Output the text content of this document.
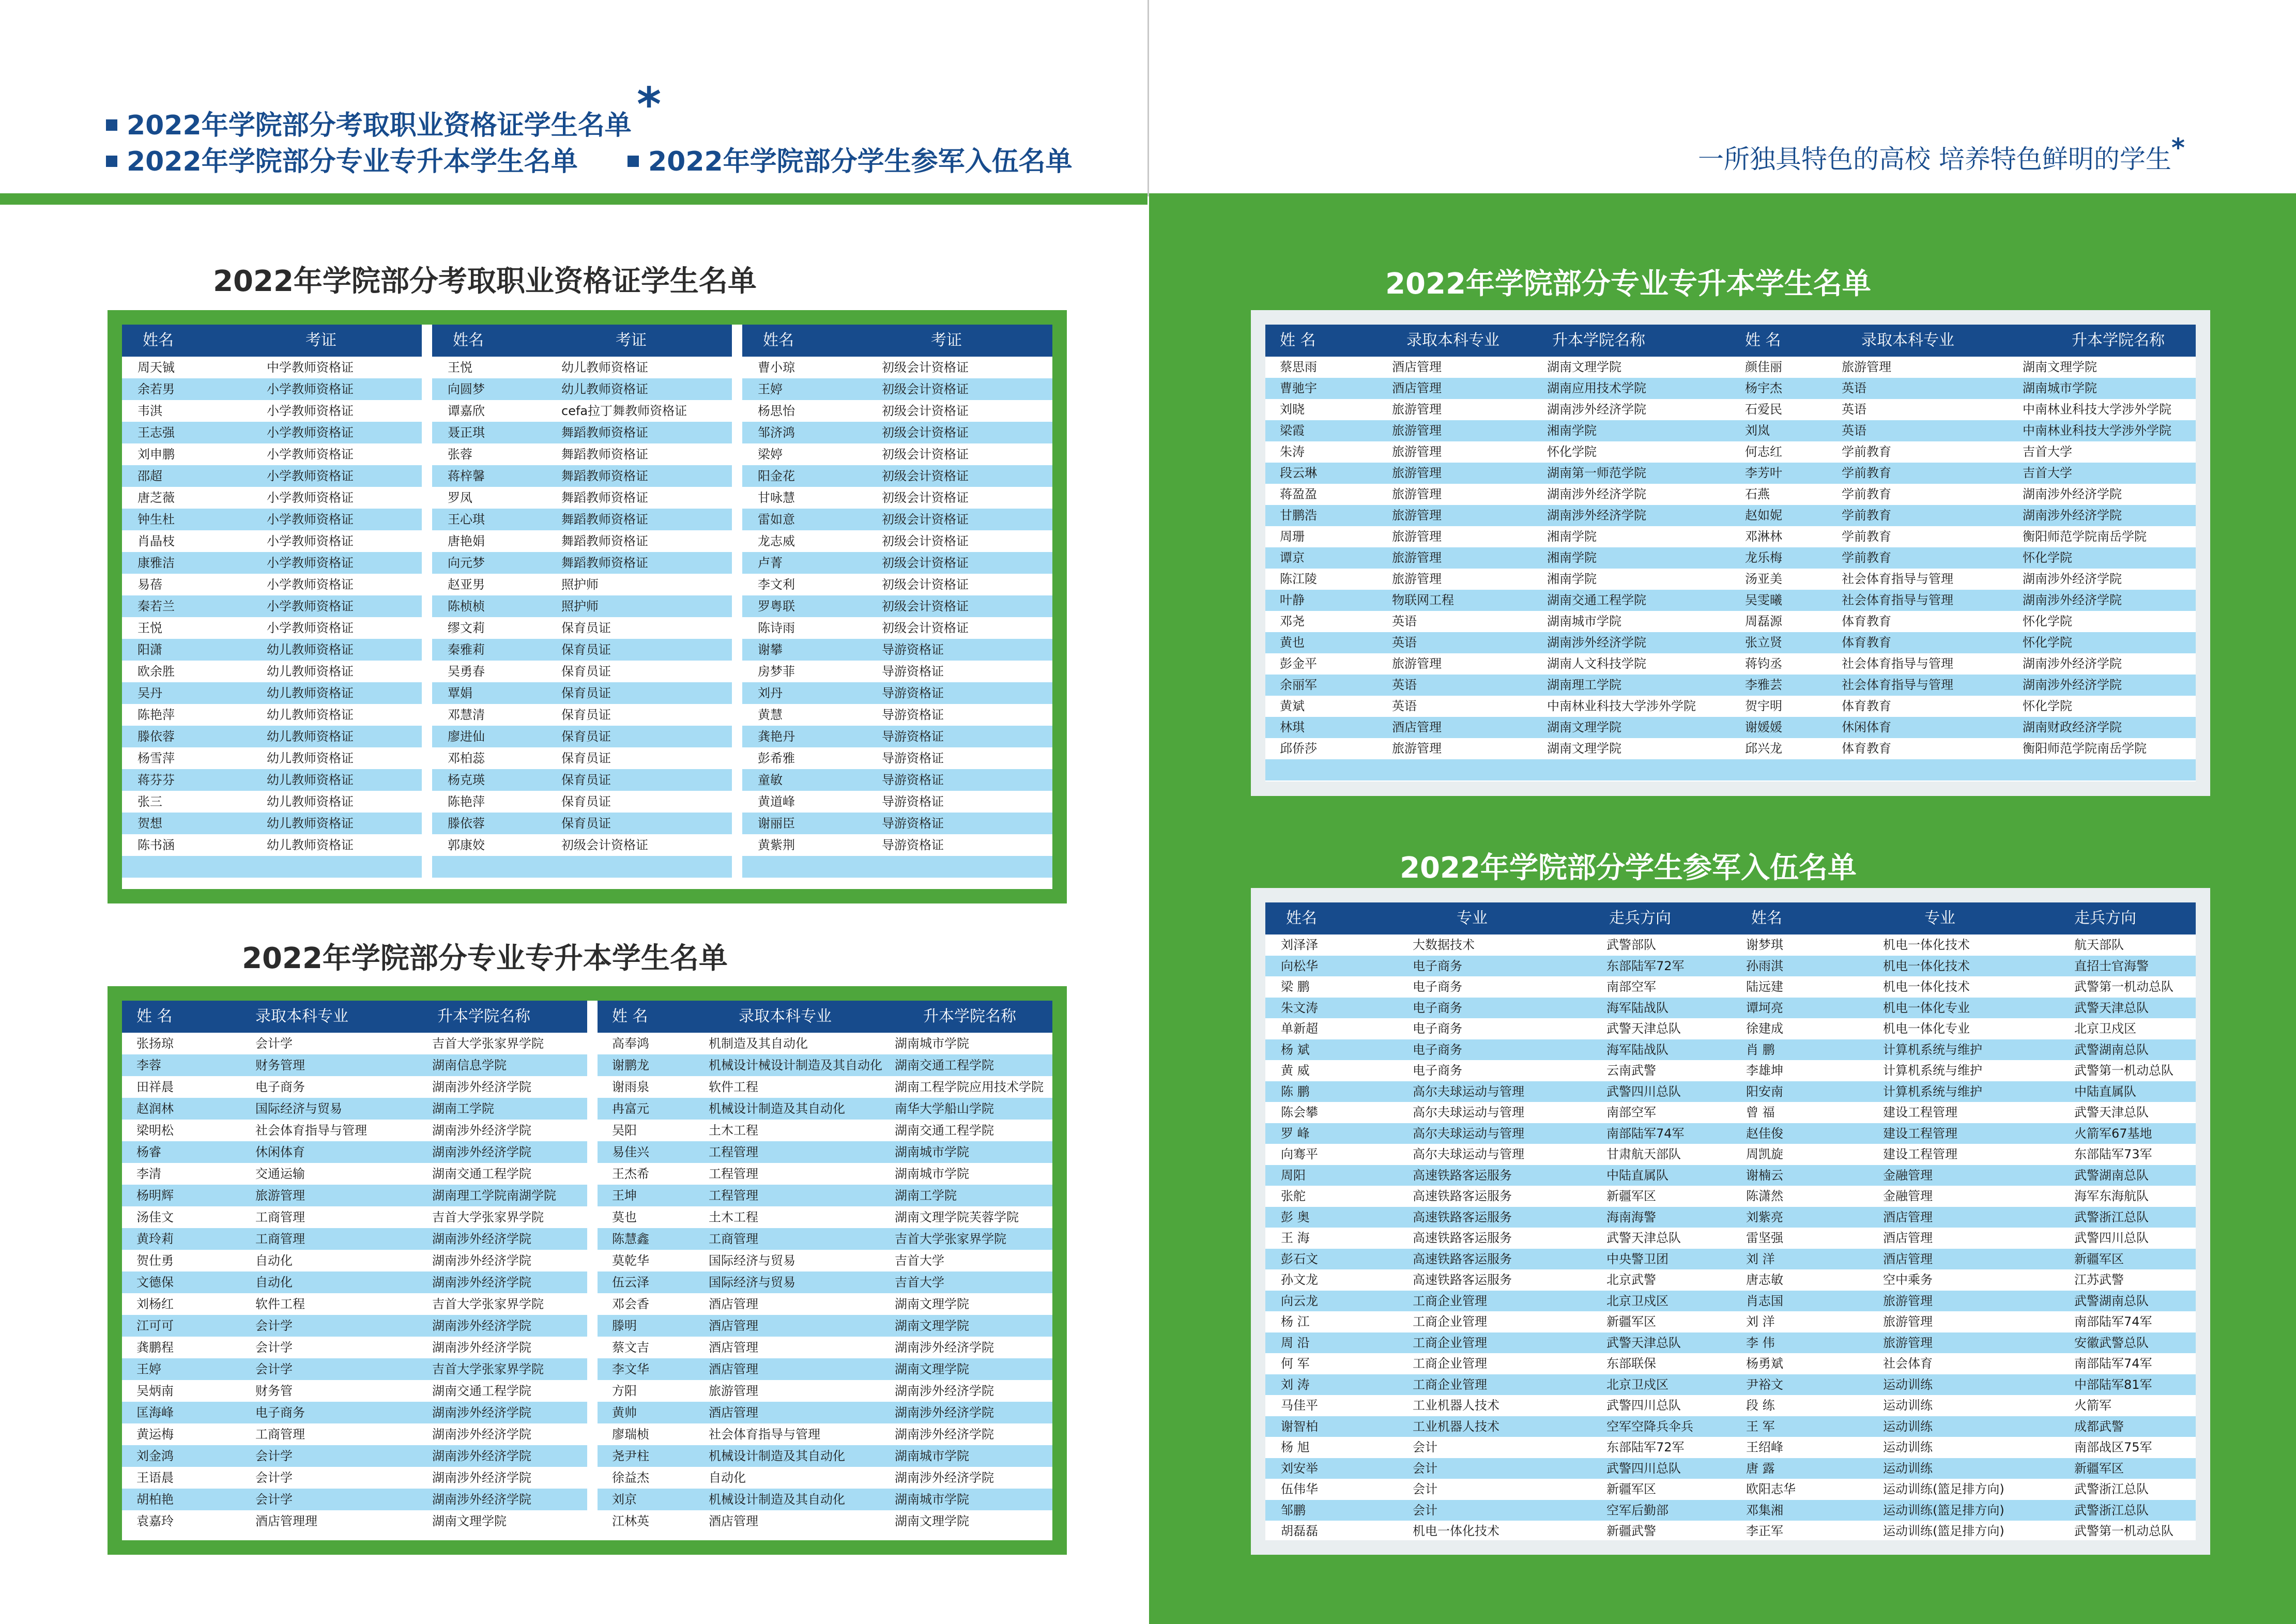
2022年学院部分考取职业资格证学生名单 *
2022年学院部分专业专升本学生名单	2022年学院部分学生参军入伍名单	一所独具特色的高校 培养特色鲜明的学生*
2022年学院部分考取职业资格证学生名单
2022年学院部分专业专升本学生名单
2022年学院部分专业专升本学生名单
2022年学院部分学生参军入伍名单
姓名	考证
周天铖	中学教师资格证
余若男	小学教师资格证
韦淇	小学教师资格证
王志强	小学教师资格证
刘申鹏	小学教师资格证
邵超	小学教师资格证
唐芝薇	小学教师资格证
钟生杜	小学教师资格证
肖晶枝	小学教师资格证
康雅洁	小学教师资格证
易蓓	小学教师资格证
秦若兰	小学教师资格证
王悦	小学教师资格证
阳潇	幼儿教师资格证
欧余胜	幼儿教师资格证
吴丹	幼儿教师资格证
陈艳萍	幼儿教师资格证
滕依蓉	幼儿教师资格证
杨雪萍	幼儿教师资格证
蒋芬芬	幼儿教师资格证
张三	幼儿教师资格证
贺想	幼儿教师资格证
陈书涵	幼儿教师资格证
姓名	考证
王悦	幼儿教师资格证
向圆梦	幼儿教师资格证
谭嘉欣	cefa拉丁舞教师资格证
聂正琪	舞蹈教师资格证
张蓉	舞蹈教师资格证
蒋梓馨	舞蹈教师资格证
罗凤	舞蹈教师资格证
王心琪	舞蹈教师资格证
唐艳娟	舞蹈教师资格证
向元梦	舞蹈教师资格证
赵亚男	照护师
陈桢桢	照护师
缪文莉	保育员证
秦雅莉	保育员证
吴勇春	保育员证
覃娟	保育员证
邓慧清	保育员证
廖进仙	保育员证
邓柏蕊	保育员证
杨克瑛	保育员证
陈艳萍	保育员证
滕依蓉	保育员证
郭康姣	初级会计资格证
姓名	考证
曹小琼	初级会计资格证
王婷	初级会计资格证
杨思怡	初级会计资格证
邹济鸿	初级会计资格证
梁婷	初级会计资格证
阳金花	初级会计资格证
甘咏慧	初级会计资格证
雷如意	初级会计资格证
龙志威	初级会计资格证
卢菁	初级会计资格证
李文利	初级会计资格证
罗粤联	初级会计资格证
陈诗雨	初级会计资格证
谢攀	导游资格证
房梦菲	导游资格证
刘丹	导游资格证
黄慧	导游资格证
龚艳丹	导游资格证
彭希雅	导游资格证
童敏	导游资格证
黄道峰	导游资格证
谢丽臣	导游资格证
黄紫荆	导游资格证
姓 名	录取本科专业	升本学院名称
张扬琼	会计学	吉首大学张家界学院
李蓉	财务管理	湖南信息学院
田祥晨	电子商务	湖南涉外经济学院
赵润林	国际经济与贸易	湖南工学院
梁明松	社会体育指导与管理	湖南涉外经济学院
杨睿	休闲体育	湖南涉外经济学院
李清	交通运输	湖南交通工程学院
杨明辉	旅游管理	湖南理工学院南湖学院
汤佳文	工商管理	吉首大学张家界学院
黄玲莉	工商管理	湖南涉外经济学院
贺仕勇	自动化	湖南涉外经济学院
文德保	自动化	湖南涉外经济学院
刘杨红	软件工程	吉首大学张家界学院
江可可	会计学	湖南涉外经济学院
龚鹏程	会计学	湖南涉外经济学院
王婷	会计学	吉首大学张家界学院
吴炳南	财务管	湖南交通工程学院
匡海峰	电子商务	湖南涉外经济学院
黄运梅	工商管理	湖南涉外经济学院
刘金鸿	会计学	湖南涉外经济学院
王语晨	会计学	湖南涉外经济学院
胡柏艳	会计学	湖南涉外经济学院
袁嘉玲	酒店管理理	湖南文理学院
姓 名	录取本科专业	升本学院名称
高奉鸿	机制造及其自动化	湖南城市学院
谢鹏龙	机械设计械设计制造及其自动化 湖南交通工程学院
谢雨泉	软件工程	湖南工程学院应用技术学院
冉富元	机械设计制造及其自动化	南华大学船山学院
吴阳	土木工程	湖南交通工程学院
易佳兴	工程管理	湖南城市学院
王杰希	工程管理	湖南城市学院
王坤	工程管理	湖南工学院
莫也	土木工程	湖南文理学院芙蓉学院
陈慧鑫	工商管理	吉首大学张家界学院
莫乾华	国际经济与贸易	吉首大学
伍云泽	国际经济与贸易	吉首大学
邓会香	酒店管理	湖南文理学院
滕明	酒店管理	湖南文理学院
蔡文吉	酒店管理	湖南涉外经济学院
李文华	酒店管理	湖南文理学院
方阳	旅游管理	湖南涉外经济学院
黄帅	酒店管理	湖南涉外经济学院
廖瑞桢	社会体育指导与管理	湖南涉外经济学院
尧尹柱	机械设计制造及其自动化	湖南城市学院
徐益杰	自动化	湖南涉外经济学院
刘京	机械设计制造及其自动化	湖南城市学院
江林英	酒店管理	湖南文理学院
姓 名	录取本科专业	升本学院名称
蔡思雨	酒店管理	湖南文理学院
曹驰宇	酒店管理	湖南应用技术学院
刘晓	旅游管理	湖南涉外经济学院
梁霞	旅游管理	湘南学院
朱涛	旅游管理	怀化学院
段云琳	旅游管理	湖南第一师范学院
蒋盈盈	旅游管理	湖南涉外经济学院
甘鹏浩	旅游管理	湖南涉外经济学院
周珊	旅游管理	湘南学院
谭京	旅游管理	湘南学院
陈江陵	旅游管理	湘南学院
叶静	物联网工程	湖南交通工程学院
邓尧	英语	湖南城市学院
黄也	英语	湖南涉外经济学院
彭金平	旅游管理	湖南人文科技学院
余丽军	英语	湖南理工学院
黄斌	英语	中南林业科技大学涉外学院
林琪	酒店管理	湖南文理学院
邱侨莎	旅游管理	湖南文理学院
姓 名	录取本科专业	升本学院名称
颜佳丽	旅游管理	湖南文理学院
杨宇杰	英语	湖南城市学院
石爱民	英语	中南林业科技大学涉外学院
刘岚	英语	中南林业科技大学涉外学院
何志红	学前教育	吉首大学
李芳叶	学前教育	吉首大学
石燕	学前教育	湖南涉外经济学院
赵如妮	学前教育	湖南涉外经济学院
邓淋林	学前教育	衡阳师范学院南岳学院
龙乐梅	学前教育	怀化学院
汤亚美	社会体育指导与管理	湖南涉外经济学院
吴雯曦	社会体育指导与管理	湖南涉外经济学院
周磊源	体育教育	怀化学院
张立贤	体育教育	怀化学院
蒋钧丞	社会体育指导与管理	湖南涉外经济学院
李雅芸	社会体育指导与管理	湖南涉外经济学院
贺宇明	体育教育	怀化学院
谢媛媛	休闲体育	湖南财政经济学院
邱兴龙	体育教育	衡阳师范学院南岳学院
姓名	专业	走兵方向
刘泽泽	大数据技术	武警部队
向松华	电子商务	东部陆军72军
梁 鹏	电子商务	南部空军
朱文涛	电子商务	海军陆战队
单新超	电子商务	武警天津总队
杨 斌	电子商务	海军陆战队
黄 威	电子商务	云南武警
陈 鹏	高尔夫球运动与管理	武警四川总队
陈会攀	高尔夫球运动与管理	南部空军
罗 峰	高尔夫球运动与管理	南部陆军74军
向骞平	高尔夫球运动与管理	甘肃航天部队
周阳	高速铁路客运服务	中陆直属队
张舵	高速铁路客运服务	新疆军区
彭 奥	高速铁路客运服务	海南海警
王 海	高速铁路客运服务	武警天津总队
彭石文	高速铁路客运服务	中央警卫团
孙文龙	高速铁路客运服务	北京武警
向云龙	工商企业管理	北京卫戍区
杨 江	工商企业管理	新疆军区
周 沿	工商企业管理	武警天津总队
何 军	工商企业管理	东部联保
刘 涛	工商企业管理	北京卫戍区
马佳平	工业机器人技术	武警四川总队
谢智柏	工业机器人技术	空军空降兵伞兵
杨 旭	会计	东部陆军72军
刘安举	会计	武警四川总队
伍伟华	会计	新疆军区
邹鹏	会计	空军后勤部
胡磊磊	机电一体化技术	新疆武警
姓名	专业	走兵方向
谢梦琪	机电一体化技术	航天部队
孙雨淇	机电一体化技术	直招士官海警
陆远建	机电一体化技术	武警第一机动总队
谭坷亮	机电一体化专业	武警天津总队
徐建成	机电一体化专业	北京卫戍区
肖 鹏	计算机系统与维护	武警湖南总队
李雄坤	计算机系统与维护	武警第一机动总队
阳安南	计算机系统与维护	中陆直属队
曾 福	建设工程管理	武警天津总队
赵佳俊	建设工程管理	火箭军67基地
周凯旋	建设工程管理	东部陆军73军
谢楠云	金融管理	武警湖南总队
陈潇然	金融管理	海军东海航队
刘紫亮	酒店管理	武警浙江总队
雷坚强	酒店管理	武警四川总队
刘 洋	酒店管理	新疆军区
唐志敏	空中乘务	江苏武警
肖志国	旅游管理	武警湖南总队
刘 洋	旅游管理	南部陆军74军
李 伟	旅游管理	安徽武警总队
杨勇斌	社会体育	南部陆军74军
尹裕文	运动训练	中部陆军81军
段 练	运动训练	火箭军
王 军	运动训练	成都武警
王绍峰	运动训练	南部战区75军
唐 露	运动训练	新疆军区
欧阳志华	运动训练(篮足排方向)	武警浙江总队
邓集湘	运动训练(篮足排方向)	武警浙江总队
李正军	运动训练(篮足排方向)	武警第一机动总队
